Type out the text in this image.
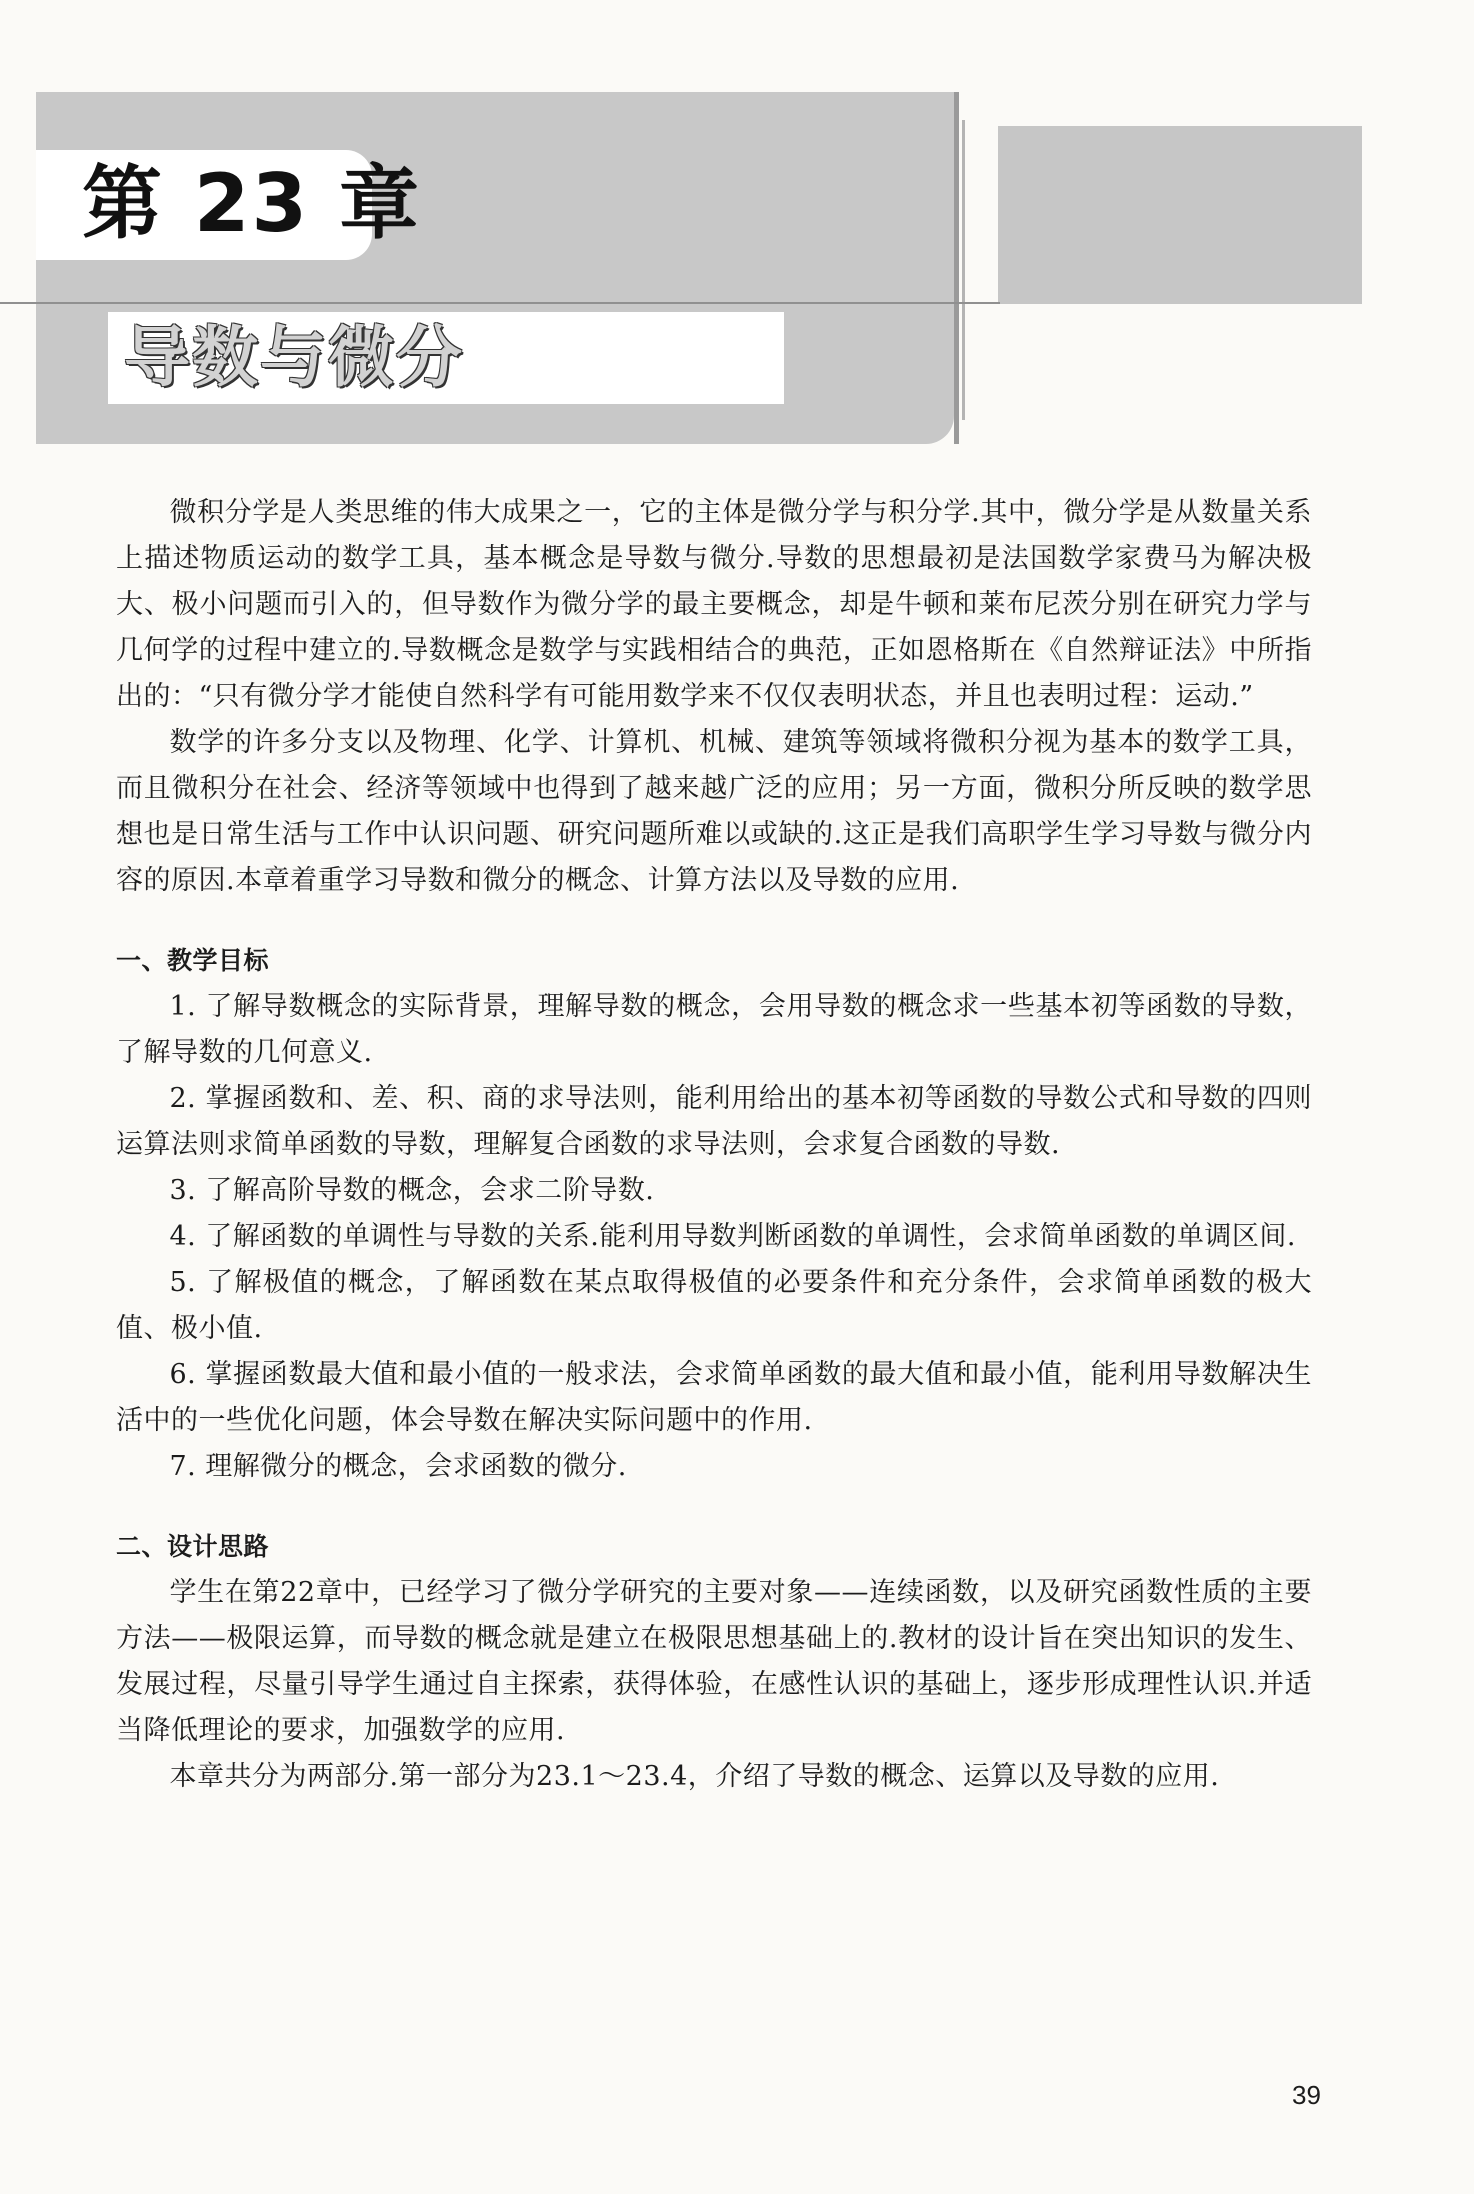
第 23 章
导数与微分

微积分学是人类思维的伟大成果之一，它的主体是微分学与积分学.其中，微分学是从数量关系上描述物质运动的数学工具，基本概念是导数与微分.导数的思想最初是法国数学家费马为解决极大、极小问题而引入的，但导数作为微分学的最主要概念，却是牛顿和莱布尼茨分别在研究力学与几何学的过程中建立的.导数概念是数学与实践相结合的典范，正如恩格斯在《自然辩证法》中所指出的：“只有微分学才能使自然科学有可能用数学来不仅仅表明状态，并且也表明过程：运动.”

数学的许多分支以及物理、化学、计算机、机械、建筑等领域将微积分视为基本的数学工具，而且微积分在社会、经济等领域中也得到了越来越广泛的应用；另一方面，微积分所反映的数学思想也是日常生活与工作中认识问题、研究问题所难以或缺的.这正是我们高职学生学习导数与微分内容的原因.本章着重学习导数和微分的概念、计算方法以及导数的应用.

一、教学目标

1. 了解导数概念的实际背景，理解导数的概念，会用导数的概念求一些基本初等函数的导数，了解导数的几何意义.

2. 掌握函数和、差、积、商的求导法则，能利用给出的基本初等函数的导数公式和导数的四则运算法则求简单函数的导数，理解复合函数的求导法则，会求复合函数的导数.

3. 了解高阶导数的概念，会求二阶导数.

4. 了解函数的单调性与导数的关系.能利用导数判断函数的单调性，会求简单函数的单调区间.

5. 了解极值的概念，了解函数在某点取得极值的必要条件和充分条件，会求简单函数的极大值、极小值.

6. 掌握函数最大值和最小值的一般求法，会求简单函数的最大值和最小值，能利用导数解决生活中的一些优化问题，体会导数在解决实际问题中的作用.

7. 理解微分的概念，会求函数的微分.

二、设计思路

学生在第22章中，已经学习了微分学研究的主要对象——连续函数，以及研究函数性质的主要方法——极限运算，而导数的概念就是建立在极限思想基础上的.教材的设计旨在突出知识的发生、发展过程，尽量引导学生通过自主探索，获得体验，在感性认识的基础上，逐步形成理性认识.并适当降低理论的要求，加强数学的应用.

本章共分为两部分.第一部分为23.1～23.4，介绍了导数的概念、运算以及导数的应用.

39
